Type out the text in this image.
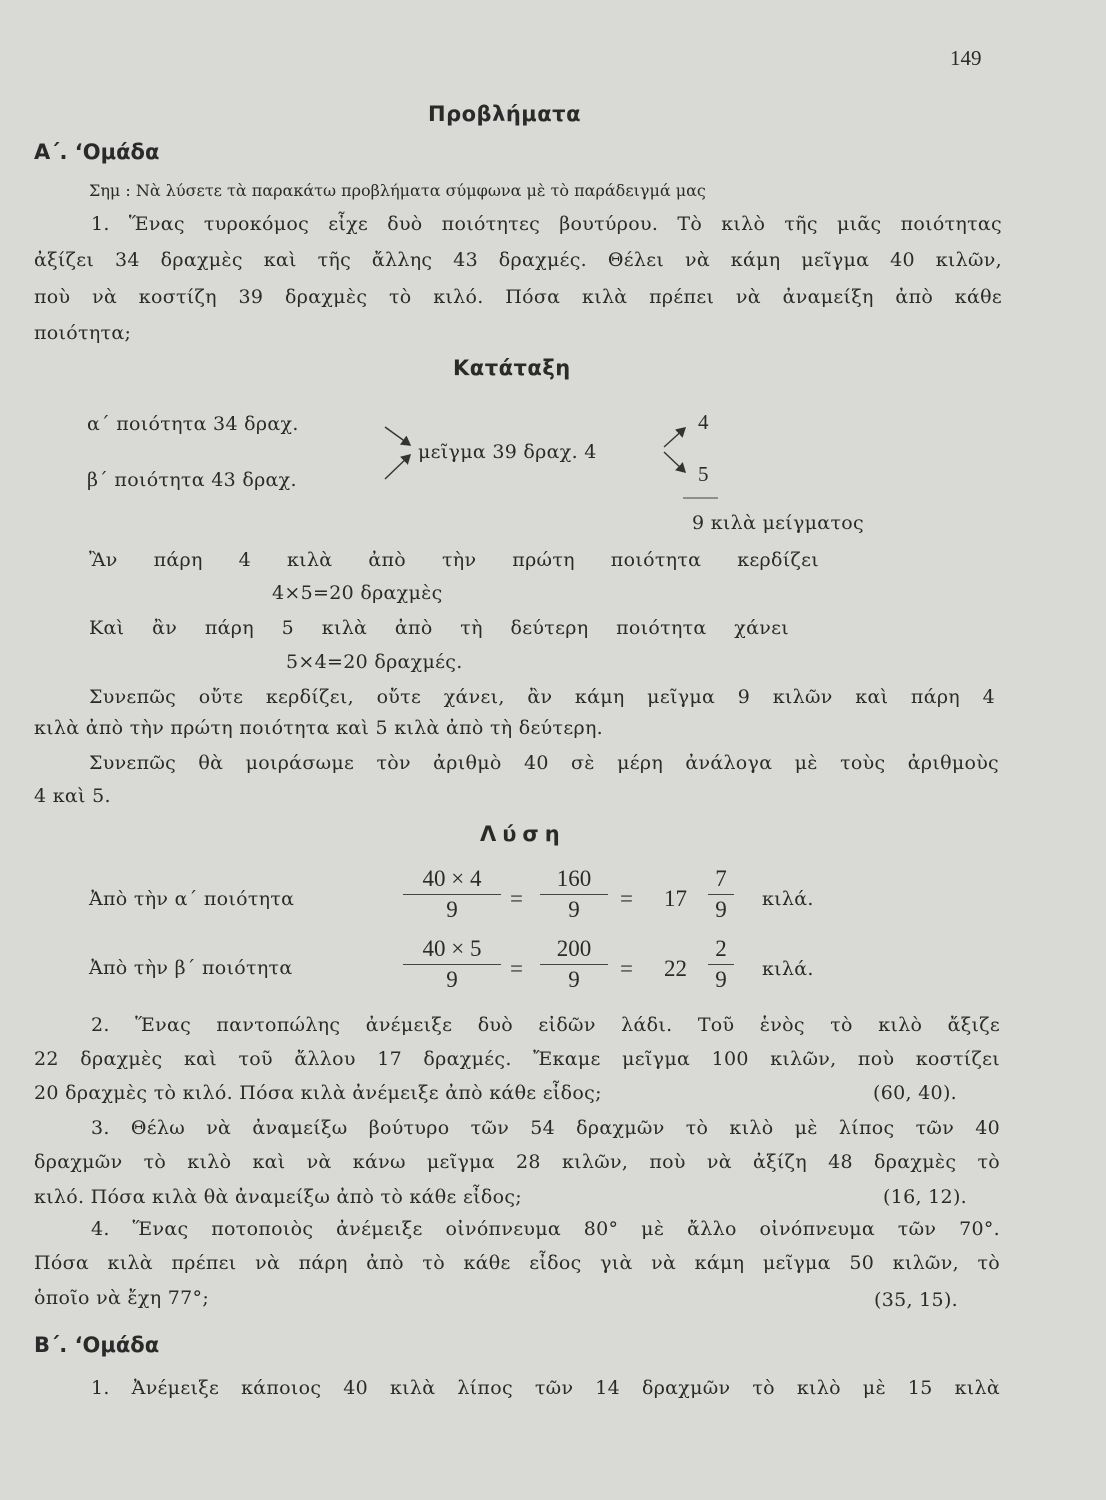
149
Προβλήματα
Α΄. ʻΟμάδα
Σημ : Νὰ λύσετε τὰ παρακάτω προβλήματα σύμφωνα μὲ τὸ παράδειγμά μας
1. Ἕνας τυροκόμος εἶχε δυὸ ποιότητες βουτύρου. Τὸ κιλὸ τῆς μιᾶς ποιότητας
ἀξίζει 34 δραχμὲς καὶ τῆς ἄλλης 43 δραχμές. Θέλει νὰ κάμη μεῖγμα 40 κιλῶν,
ποὺ νὰ κοστίζη 39 δραχμὲς τὸ κιλό. Πόσα κιλὰ πρέπει νὰ ἀναμείξη ἀπὸ κάθε
ποιότητα;
Κατάταξη
α΄ ποιότητα 34 δραχ.
β΄ ποιότητα 43 δραχ.
μεῖγμα 39 δραχ. 4
4
5
9 κιλὰ μείγματος
Ἂν πάρη 4 κιλὰ ἀπὸ τὴν πρώτη ποιότητα κερδίζει
4×5=20 δραχμὲς
Καὶ ἂν πάρη 5 κιλὰ ἀπὸ τὴ δεύτερη ποιότητα χάνει
5×4=20 δραχμές.
Συνεπῶς οὔτε κερδίζει, οὔτε χάνει, ἂν κάμη μεῖγμα 9 κιλῶν καὶ πάρη 4
κιλὰ ἀπὸ τὴν πρώτη ποιότητα καὶ 5 κιλὰ ἀπὸ τὴ δεύτερη.
Συνεπῶς θὰ μοιράσωμε τὸν ἀριθμὸ 40 σὲ μέρη ἀνάλογα μὲ τοὺς ἀριθμοὺς
4 καὶ 5.
Λύση
Ἀπὸ τὴν α΄ ποιότητα
40 × 4
9	=
160
9	= 17
7
9	κιλά.
Ἀπὸ τὴν β΄ ποιότητα
40 × 5
9	=
200
9	= 22
2
9	κιλά.
2. Ἕνας παντοπώλης ἀνέμειξε δυὸ εἰδῶν λάδι. Τοῦ ἑνὸς τὸ κιλὸ ἄξιζε
22 δραχμὲς καὶ τοῦ ἄλλου 17 δραχμές. Ἔκαμε μεῖγμα 100 κιλῶν, ποὺ κοστίζει
20 δραχμὲς τὸ κιλό. Πόσα κιλὰ ἀνέμειξε ἀπὸ κάθε εἶδος;	(60, 40).
3. Θέλω νὰ ἀναμείξω βούτυρο τῶν 54 δραχμῶν τὸ κιλὸ μὲ λίπος τῶν 40
δραχμῶν τὸ κιλὸ καὶ νὰ κάνω μεῖγμα 28 κιλῶν, ποὺ νὰ ἀξίζη 48 δραχμὲς τὸ
κιλό. Πόσα κιλὰ θὰ ἀναμείξω ἀπὸ τὸ κάθε εἶδος;	(16, 12).
4. Ἕνας ποτοποιὸς ἀνέμειξε οἰνόπνευμα 80° μὲ ἄλλο οἰνόπνευμα τῶν 70°.
Πόσα κιλὰ πρέπει νὰ πάρη ἀπὸ τὸ κάθε εἶδος γιὰ νὰ κάμη μεῖγμα 50 κιλῶν, τὸ
ὁποῖο νὰ ἔχη 77°;	(35, 15).
Β΄. ʻΟμάδα
1. Ἀνέμειξε κάποιος 40 κιλὰ λίπος τῶν 14 δραχμῶν τὸ κιλὸ μὲ 15 κιλὰ
